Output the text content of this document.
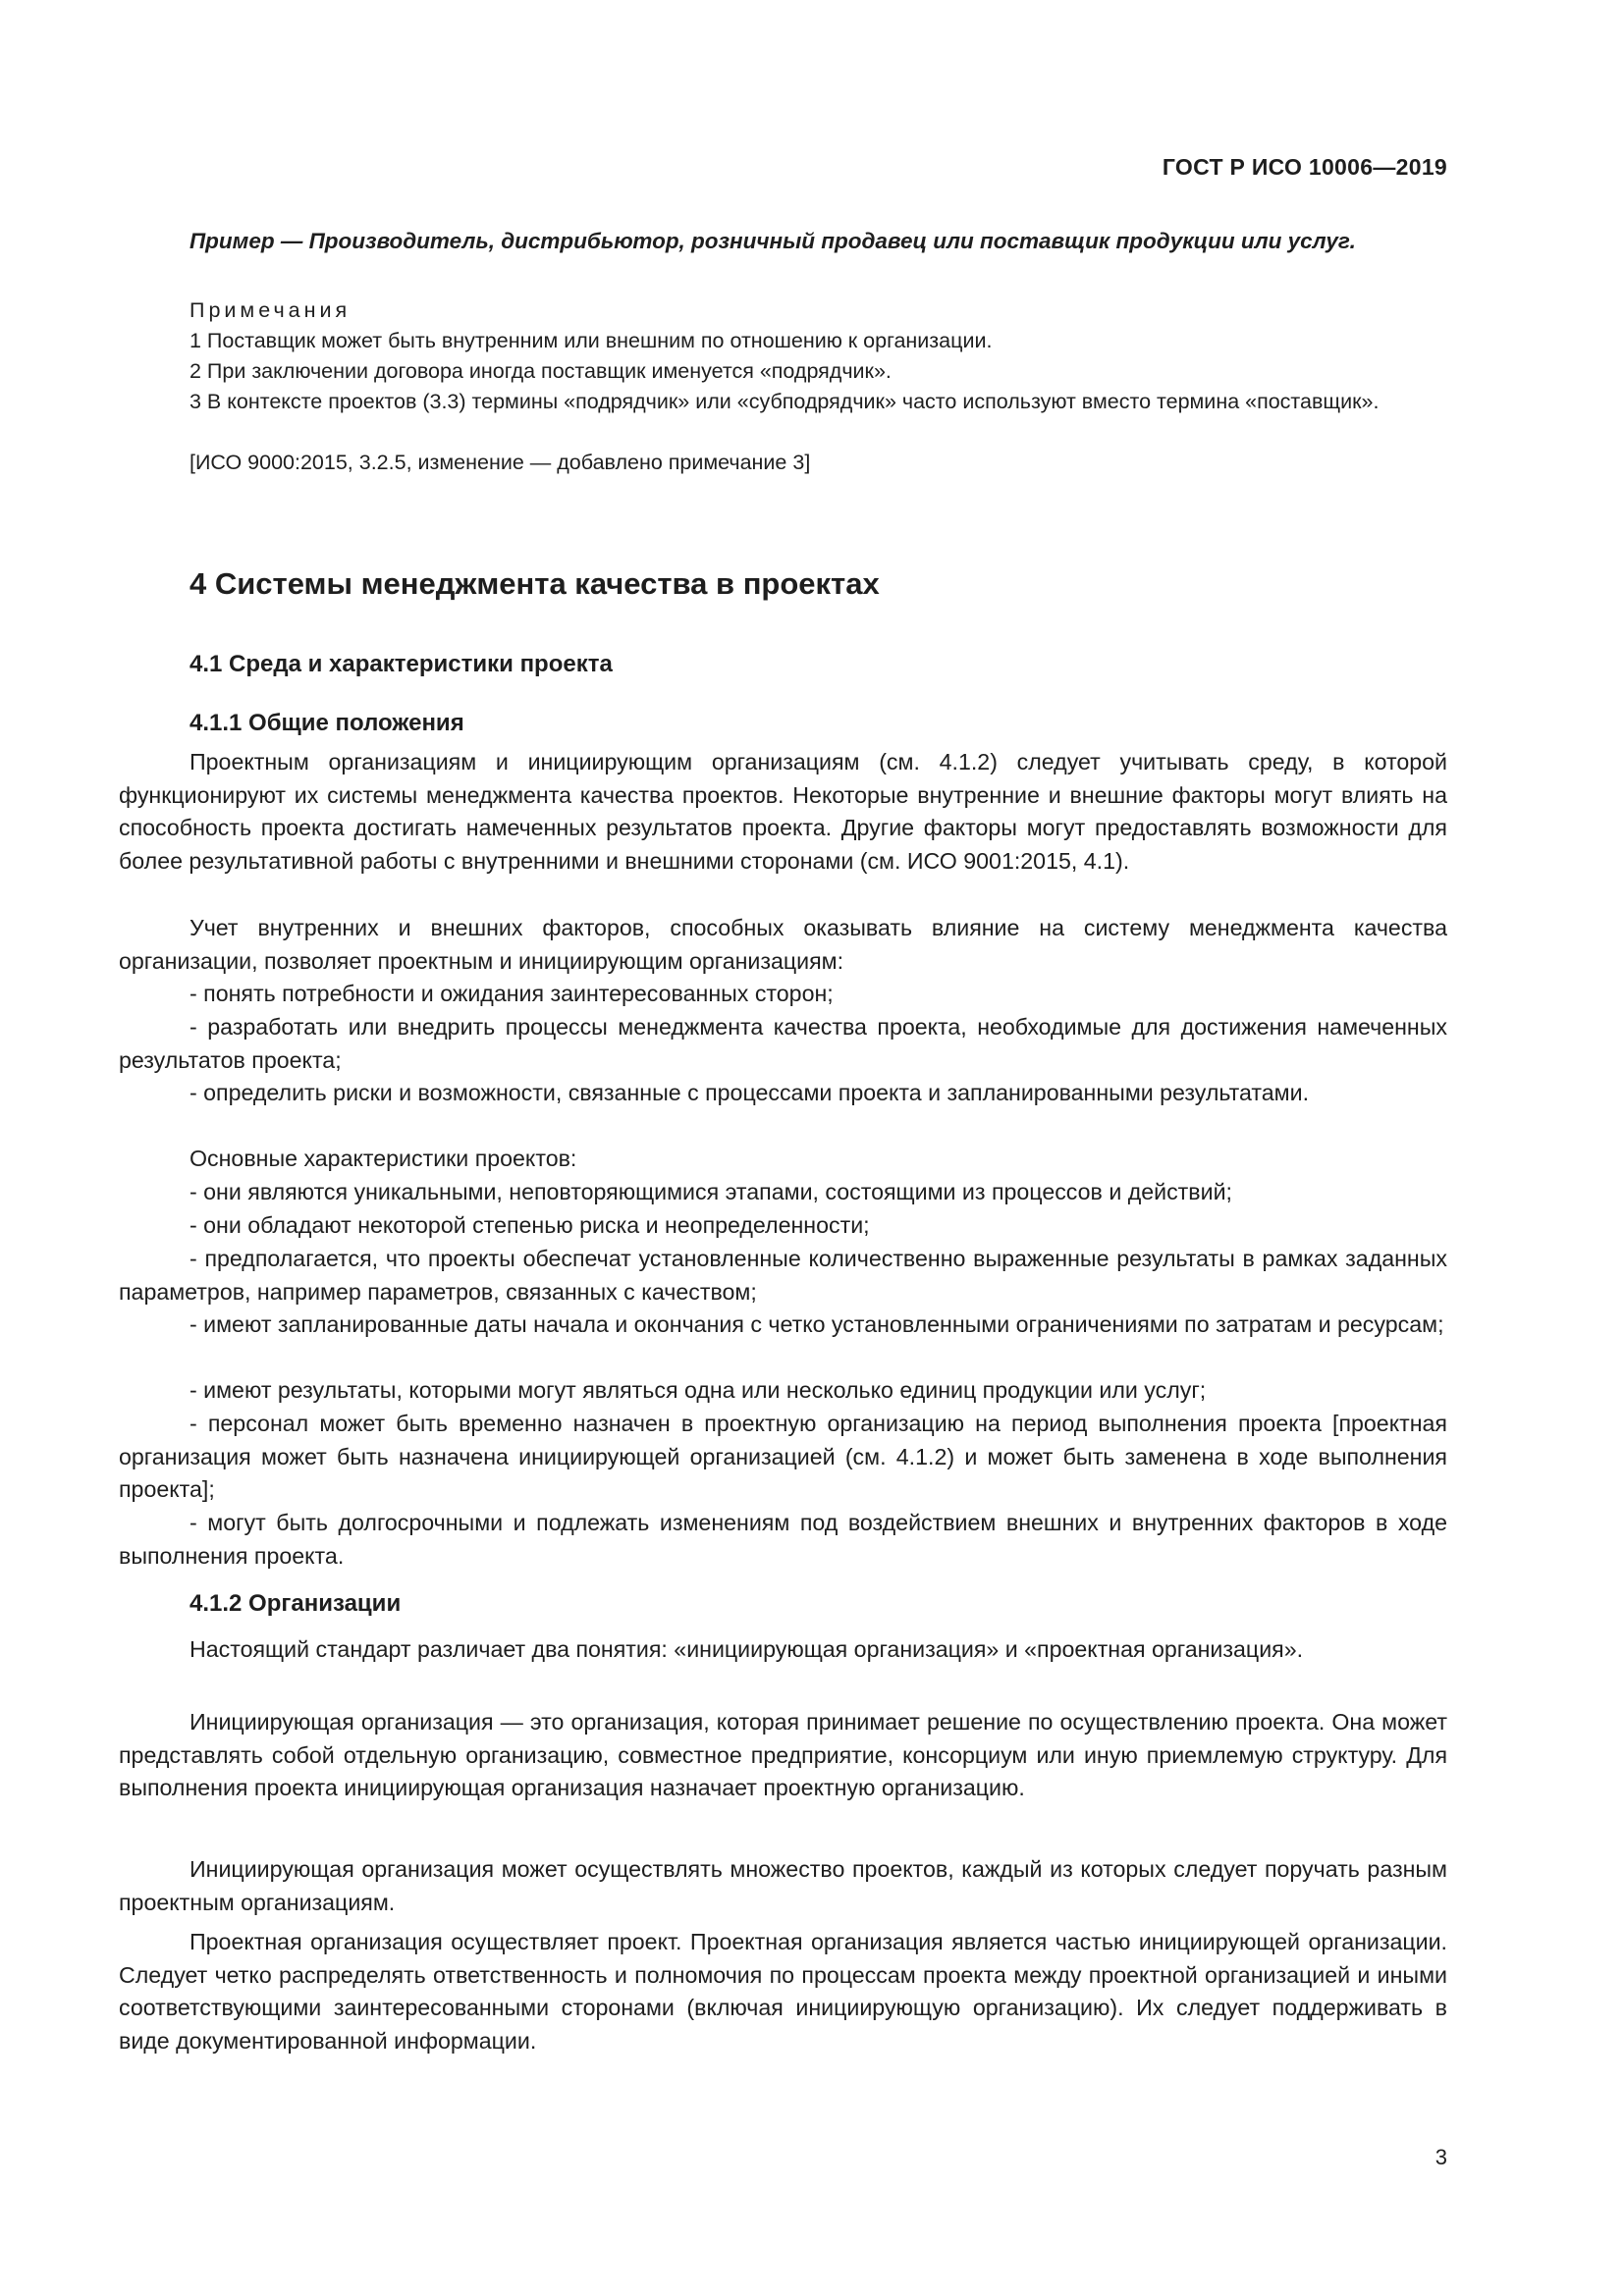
ГОСТ Р ИСО 10006—2019

Пример — Производитель, дистрибьютор, розничный продавец или поставщик продукции или услуг.

Примечания

1 Поставщик может быть внутренним или внешним по отношению к организации.

2 При заключении договора иногда поставщик именуется «подрядчик».

3 В контексте проектов (3.3) термины «подрядчик» или «субподрядчик» часто используют вместо термина «поставщик».

[ИСО 9000:2015, 3.2.5, изменение — добавлено примечание 3]

4 Системы менеджмента качества в проектах
4.1 Среда и характеристики проекта
4.1.1 Общие положения

Проектным организациям и инициирующим организациям (см. 4.1.2) следует учитывать среду, в которой функционируют их системы менеджмента качества проектов. Некоторые внутренние и внешние факторы могут влиять на способность проекта достигать намеченных результатов проекта. Другие факторы могут предоставлять возможности для более результативной работы с внутренними и внешними сторонами (см. ИСО 9001:2015, 4.1).

Учет внутренних и внешних факторов, способных оказывать влияние на систему менеджмента качества организации, позволяет проектным и инициирующим организациям:

- понять потребности и ожидания заинтересованных сторон;

- разработать или внедрить процессы менеджмента качества проекта, необходимые для достижения намеченных результатов проекта;

- определить риски и возможности, связанные с процессами проекта и запланированными результатами.

Основные характеристики проектов:

- они являются уникальными, неповторяющимися этапами, состоящими из процессов и действий;

- они обладают некоторой степенью риска и неопределенности;

- предполагается, что проекты обеспечат установленные количественно выраженные результаты в рамках заданных параметров, например параметров, связанных с качеством;

- имеют запланированные даты начала и окончания с четко установленными ограничениями по затратам и ресурсам;

- имеют результаты, которыми могут являться одна или несколько единиц продукции или услуг;

- персонал может быть временно назначен в проектную организацию на период выполнения проекта [проектная организация может быть назначена инициирующей организацией (см. 4.1.2) и может быть заменена в ходе выполнения проекта];

- могут быть долгосрочными и подлежать изменениям под воздействием внешних и внутренних факторов в ходе выполнения проекта.

4.1.2 Организации

Настоящий стандарт различает два понятия: «инициирующая организация» и «проектная организация».

Инициирующая организация — это организация, которая принимает решение по осуществлению проекта. Она может представлять собой отдельную организацию, совместное предприятие, консорциум или иную приемлемую структуру. Для выполнения проекта инициирующая организация назначает проектную организацию.

Инициирующая организация может осуществлять множество проектов, каждый из которых следует поручать разным проектным организациям.

Проектная организация осуществляет проект. Проектная организация является частью инициирующей организации. Следует четко распределять ответственность и полномочия по процессам проекта между проектной организацией и иными соответствующими заинтересованными сторонами (включая инициирующую организацию). Их следует поддерживать в виде документированной информации.

3
